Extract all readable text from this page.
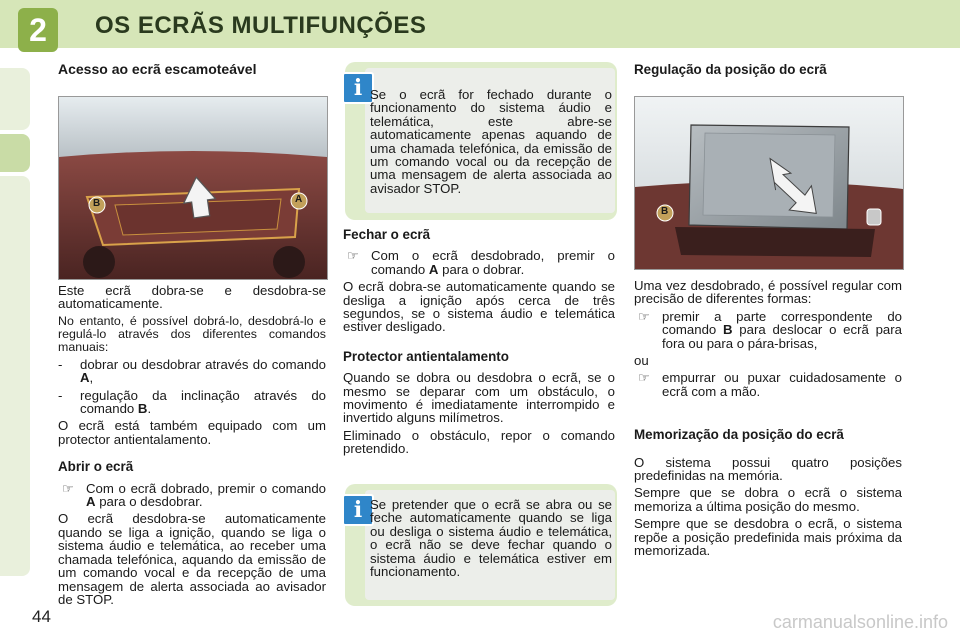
2	OS ECRÃS MULTIFUNÇÕES

Acesso ao ecrã escamoteável

B	A

Este ecrã dobra-se e desdobra-se automaticamente.

No entanto, é possível dobrá-lo, desdobrá-lo e regulá-lo através dos diferentes comandos manuais:

-	dobrar ou desdobrar através do comando A,
-	regulação da inclinação através do comando B.

O ecrã está também equipado com um protector antientalamento.

Abrir o ecrã

☞ Com o ecrã dobrado, premir o comando A para o desdobrar.

O ecrã desdobra-se automaticamente quando se liga a ignição, quando se liga o sistema áudio e telemática, ao receber uma chamada telefónica, aquando da emissão de um comando vocal e da recepção de uma mensagem de alerta associada ao avisador de STOP.

i Se o ecrã for fechado durante o funcionamento do sistema áudio e telemática, este abre-se automaticamente apenas aquando de uma chamada telefónica, da emissão de um comando vocal ou da recepção de uma mensagem de alerta associada ao avisador STOP.

Fechar o ecrã

☞ Com o ecrã desdobrado, premir o comando A para o dobrar.

O ecrã dobra-se automaticamente quando se desliga a ignição após cerca de três segundos, se o sistema áudio e telemática estiver desligado.

Protector antientalamento

Quando se dobra ou desdobra o ecrã, se o mesmo se deparar com um obstáculo, o movimento é imediatamente interrompido e invertido alguns milímetros.

Eliminado o obstáculo, repor o comando pretendido.

i Se pretender que o ecrã se abra ou se feche automaticamente quando se liga ou desliga o sistema áudio e telemática, o ecrã não se deve fechar quando o sistema áudio e telemática estiver em funcionamento.

Regulação da posição do ecrã

B

Uma vez desdobrado, é possível regular com precisão de diferentes formas:

☞ premir a parte correspondente do comando B para deslocar o ecrã para fora ou para o pára-brisas,

ou

☞ empurrar ou puxar cuidadosamente o ecrã com a mão.

Memorização da posição do ecrã

O sistema possui quatro posições predefinidas na memória.

Sempre que se dobra o ecrã o sistema memoriza a última posição do mesmo.

Sempre que se desdobra o ecrã, o sistema repõe a posição predefinida mais próxima da memorizada.

44	carmanualsonline.info
